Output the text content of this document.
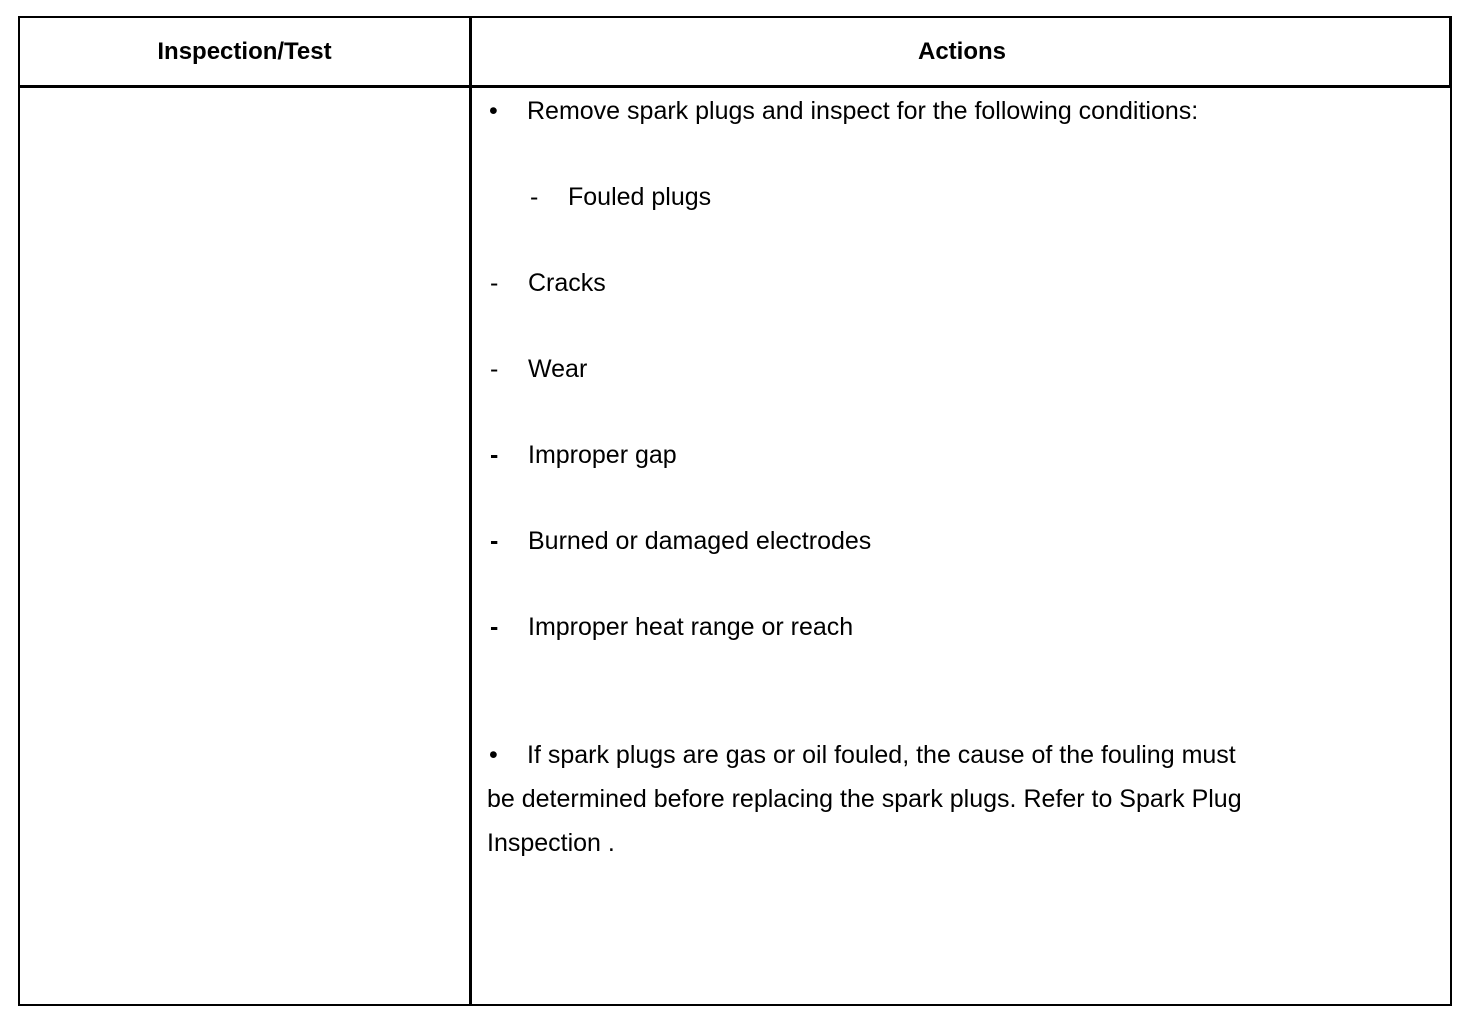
Inspection/Test	Actions
• Remove spark plugs and inspect for the following conditions:
- Fouled plugs
- Cracks
- Wear
- Improper gap
- Burned or damaged electrodes
- Improper heat range or reach
• If spark plugs are gas or oil fouled, the cause of the fouling must
be determined before replacing the spark plugs. Refer to Spark Plug
Inspection .
